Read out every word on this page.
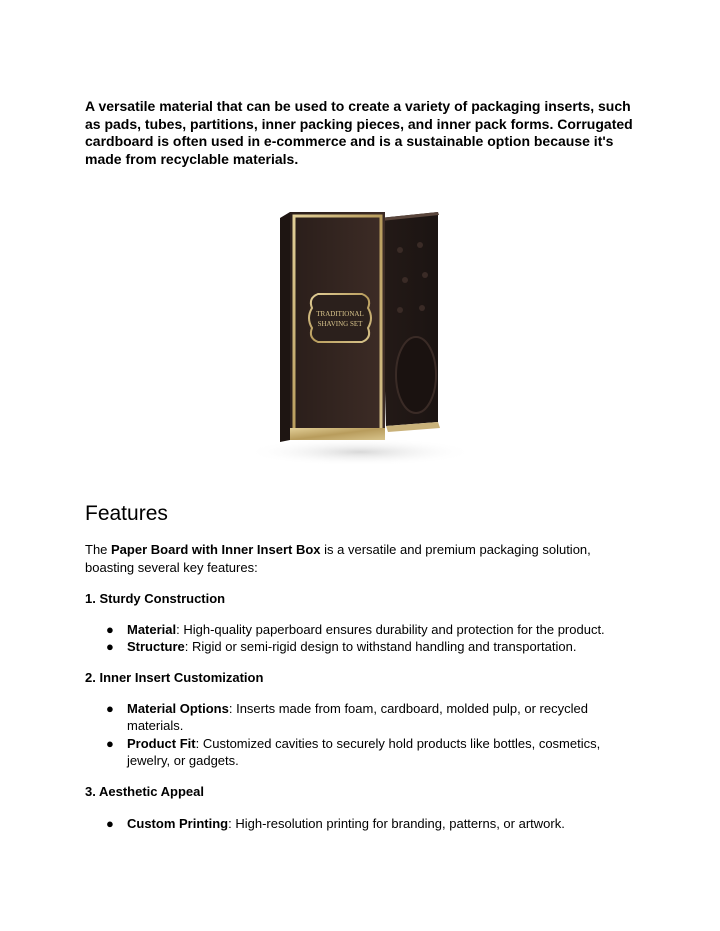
A versatile material that can be used to create a variety of packaging inserts, such as pads, tubes, partitions, inner packing pieces, and inner pack forms. Corrugated cardboard is often used in e-commerce and is a sustainable option because it's made from recyclable materials.

TRADITIONAL
SHAVING SET
Features

The Paper Board with Inner Insert Box is a versatile and premium packaging solution, boasting several key features:

1. Sturdy Construction
● Material: High-quality paperboard ensures durability and protection for the product.
● Structure: Rigid or semi-rigid design to withstand handling and transportation.
2. Inner Insert Customization
● Material Options: Inserts made from foam, cardboard, molded pulp, or recycled materials.
● Product Fit: Customized cavities to securely hold products like bottles, cosmetics, jewelry, or gadgets.
3. Aesthetic Appeal
● Custom Printing: High-resolution printing for branding, patterns, or artwork.
